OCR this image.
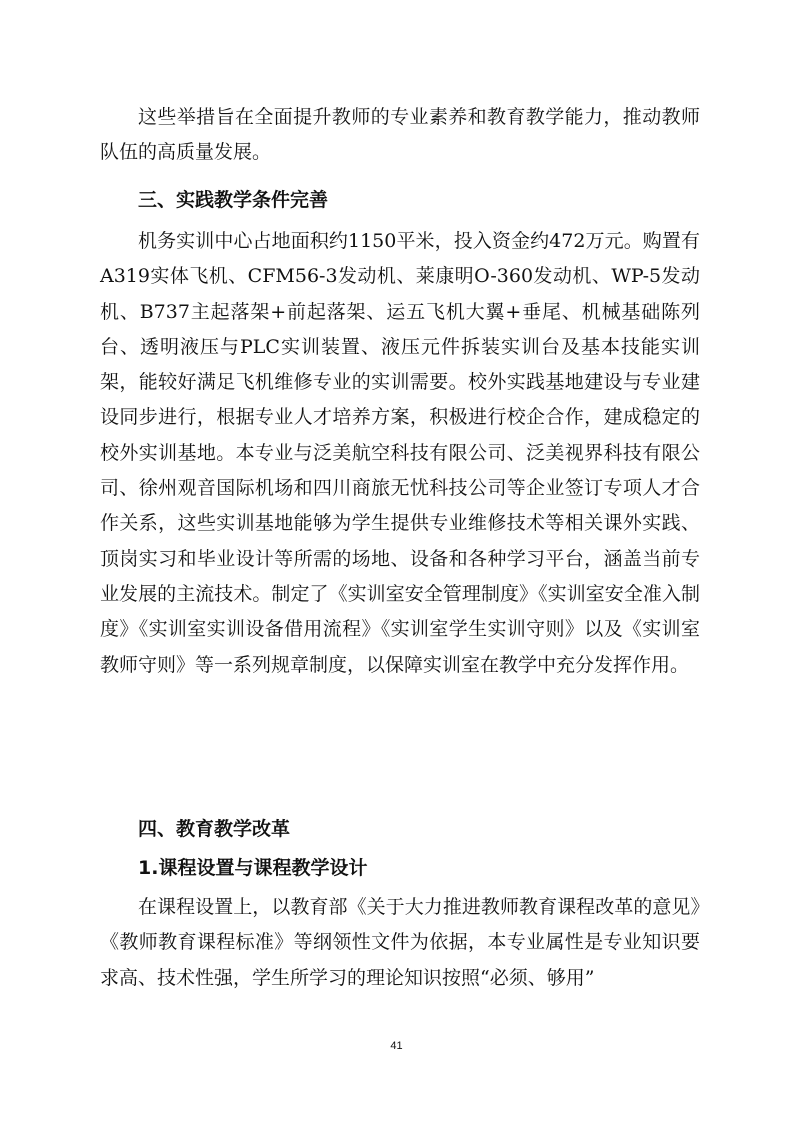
这些举措旨在全面提升教师的专业素养和教育教学能力，推动教师队伍的高质量发展。

三、实践教学条件完善

机务实训中心占地面积约1150平米，投入资金约472万元。购置有A319实体飞机、CFM56-3发动机、莱康明O-360发动机、WP-5发动机、B737主起落架+前起落架、运五飞机大翼+垂尾、机械基础陈列台、透明液压与PLC实训装置、液压元件拆装实训台及基本技能实训架，能较好满足飞机维修专业的实训需要。校外实践基地建设与专业建设同步进行，根据专业人才培养方案，积极进行校企合作，建成稳定的校外实训基地。本专业与泛美航空科技有限公司、泛美视界科技有限公司、徐州观音国际机场和四川商旅无忧科技公司等企业签订专项人才合作关系，这些实训基地能够为学生提供专业维修技术等相关课外实践、顶岗实习和毕业设计等所需的场地、设备和各种学习平台，涵盖当前专业发展的主流技术。制定了《实训室安全管理制度》《实训室安全准入制度》《实训室实训设备借用流程》《实训室学生实训守则》以及《实训室教师守则》等一系列规章制度，以保障实训室在教学中充分发挥作用。

四、教育教学改革

1.课程设置与课程教学设计

在课程设置上，以教育部《关于大力推进教师教育课程改革的意见》《教师教育课程标准》等纲领性文件为依据，本专业属性是专业知识要求高、技术性强，学生所学习的理论知识按照“必须、够用”

41
